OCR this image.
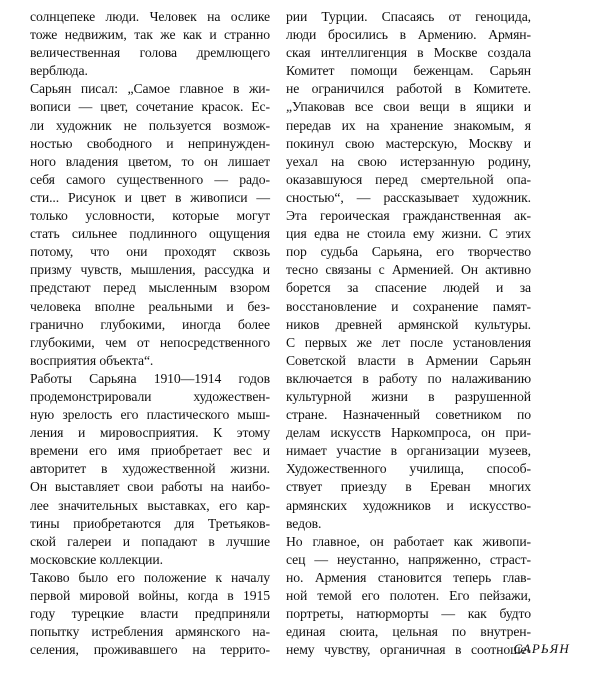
солнцепеке люди. Человек на ослике
тоже недвижим, так же как и странно
величественная голова дремлющего
верблюда.
Сарьян писал: „Самое главное в жи-
вописи — цвет, сочетание красок. Ес-
ли художник не пользуется возмож-
ностью свободного и непринужден-
ного владения цветом, то он лишает
себя самого существенного — радо-
сти... Рисунок и цвет в живописи —
только условности, которые могут
стать сильнее подлинного ощущения
потому, что они проходят сквозь
призму чувств, мышления, рассудка и
предстают перед мысленным взором
человека вполне реальными и без-
гранично глубокими, иногда более
глубокими, чем от непосредственного
восприятия объекта“.
Работы Сарьяна 1910—1914 годов
продемонстрировали художествен-
ную зрелость его пластического мыш-
ления и мировосприятия. К этому
времени его имя приобретает вес и
авторитет в художественной жизни.
Он выставляет свои работы на наибо-
лее значительных выставках, его кар-
тины приобретаются для Третьяков-
ской галереи и попадают в лучшие
московские коллекции.
Таково было его положение к началу
первой мировой войны, когда в 1915
году турецкие власти предприняли
попытку истребления армянского на-
селения, проживавшего на террито-
рии Турции. Спасаясь от геноцида,
люди бросились в Армению. Армян-
ская интеллигенция в Москве создала
Комитет помощи беженцам. Сарьян
не ограничился работой в Комитете.
„Упаковав все свои вещи в ящики и
передав их на хранение знакомым, я
покинул свою мастерскую, Москву и
уехал на свою истерзанную родину,
оказавшуюся перед смертельной опа-
сностью“, — рассказывает художник.
Эта героическая гражданственная ак-
ция едва не стоила ему жизни. С этих
пор судьба Сарьяна, его творчество
тесно связаны с Арменией. Он активно
борется за спасение людей и за
восстановление и сохранение памят-
ников древней армянской культуры.
С первых же лет после установления
Советской власти в Армении Сарьян
включается в работу по налаживанию
культурной жизни в разрушенной
стране. Назначенный советником по
делам искусств Наркомпроса, он при-
нимает участие в организации музеев,
Художественного училища, способ-
ствует приезду в Ереван многих
армянских художников и искусство-
ведов.
Но главное, он работает как живопи-
сец — неустанно, напряженно, страст-
но. Армения становится теперь глав-
ной темой его полотен. Его пейзажи,
портреты, натюрморты — как будто
единая сюита, цельная по внутрен-
нему чувству, органичная в соотноше-
САРЬЯН
